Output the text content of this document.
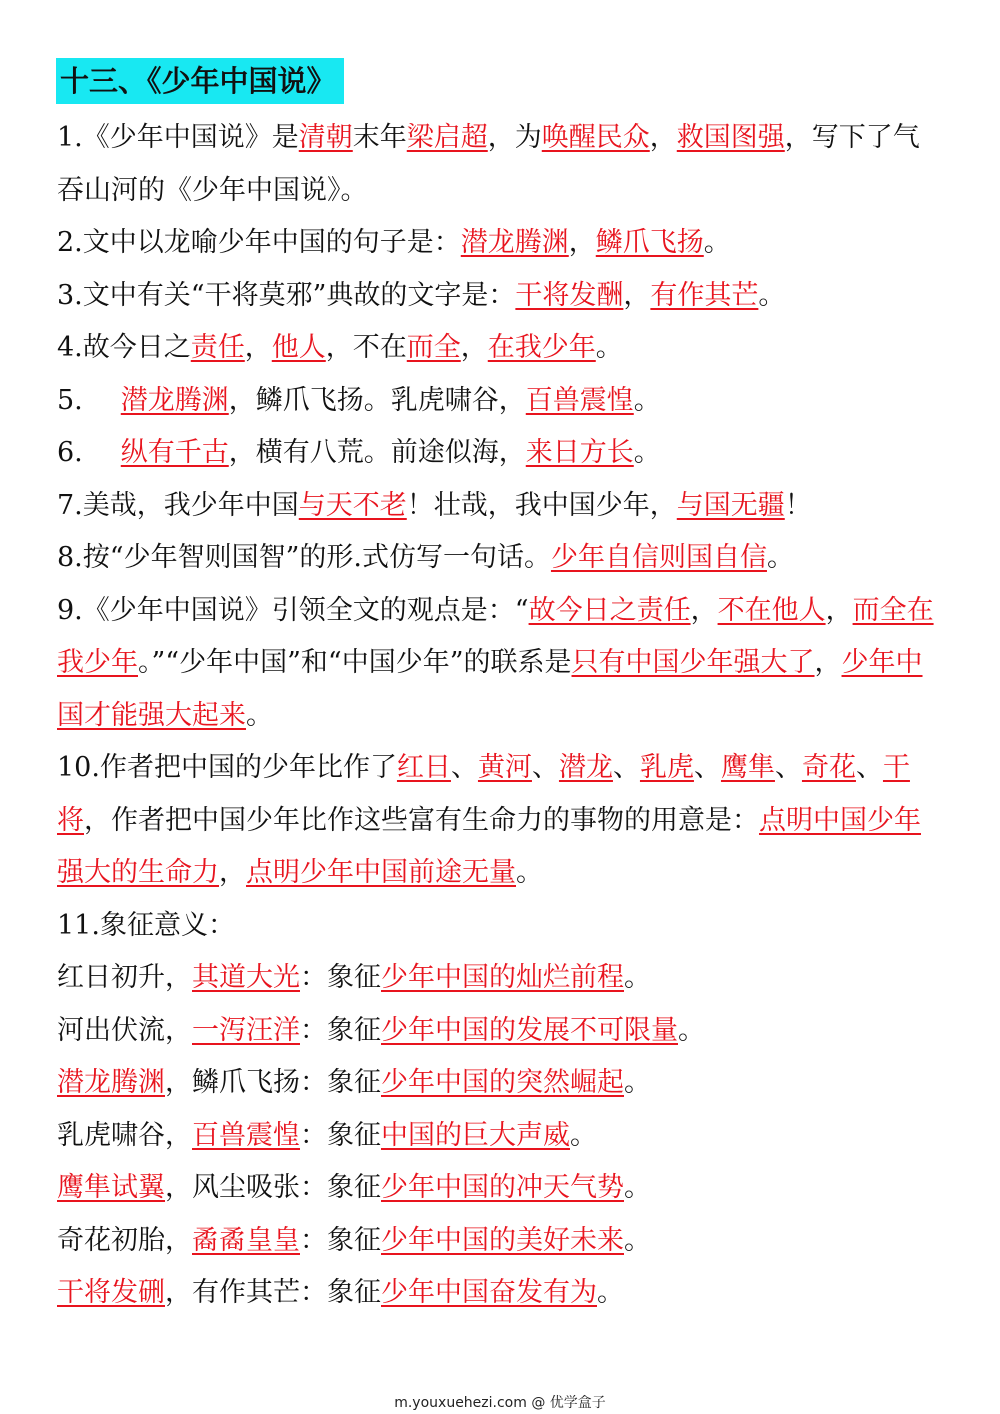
十三、《少年中国说》

1.《少年中国说》是清朝末年梁启超，为唤醒民众，救国图强，写下了气吞山河的《少年中国说》。

2.文中以龙喻少年中国的句子是：潜龙腾渊，鳞爪飞扬。

3.文中有关“干将莫邪”典故的文字是：干将发酬，有作其芒。

4.故今日之责任，他人，不在而全，在我少年。

5. 潜龙腾渊，鳞爪飞扬。乳虎啸谷，百兽震惶。

6. 纵有千古，横有八荒。前途似海，来日方长。

7.美哉，我少年中国与天不老！壮哉，我中国少年，与国无疆！

8.按“少年智则国智”的形.式仿写一句话。少年自信则国自信。

9.《少年中国说》引领全文的观点是：“故今日之责任，不在他人，而全在我少年。”“少年中国”和“中国少年”的联系是只有中国少年强大了，少年中国才能强大起来。

10.作者把中国的少年比作了红日、黄河、潜龙、乳虎、鹰隼、奇花、干将，作者把中国少年比作这些富有生命力的事物的用意是：点明中国少年强大的生命力，点明少年中国前途无量。

11.象征意义：

红日初升，其道大光：象征少年中国的灿烂前程。

河出伏流，一泻汪洋：象征少年中国的发展不可限量。

潜龙腾渊，鳞爪飞扬：象征少年中国的突然崛起。

乳虎啸谷，百兽震惶：象征中国的巨大声威。

鹰隼试翼，风尘吸张：象征少年中国的冲天气势。

奇花初胎，矞矞皇皇：象征少年中国的美好未来。

干将发硎，有作其芒：象征少年中国奋发有为。

m.youxuehezi.com @ 优学盒子
